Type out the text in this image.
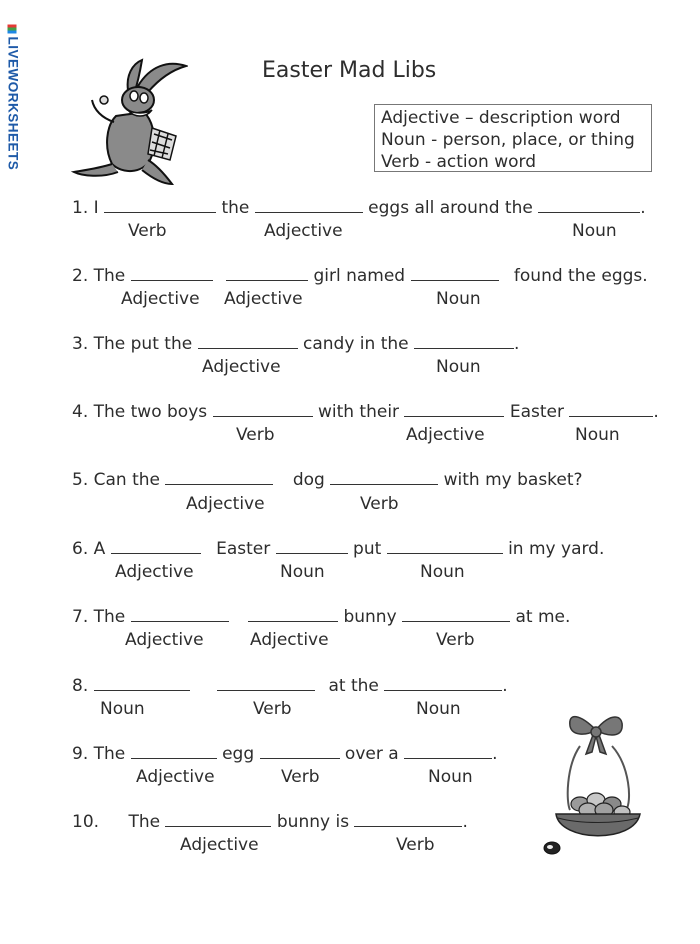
LIVEWORKSHEETS	Easter Mad Libs
Adjective – description word
Noun - person, place, or thing
Verb - action word
1. I	the	eggs all around the	.
Verb	Adjective	Noun
2. The	girl named	found the eggs.
Adjective Adjective	Noun
3. The put the	candy in the	.
Adjective	Noun
4. The two boys	with their	Easter	.
Verb	Adjective	Noun
5. Can the	dog	with my basket?
Adjective	Verb
6. A	Easter	put	in my yard.
Adjective	Noun	Noun
7. The	bunny	at me.
Adjective	Adjective	Verb
8.	at the	.
Noun	Verb	Noun
9. The	egg	over a	.
Adjective	Verb	Noun
10. The	bunny is	.
Adjective	Verb
